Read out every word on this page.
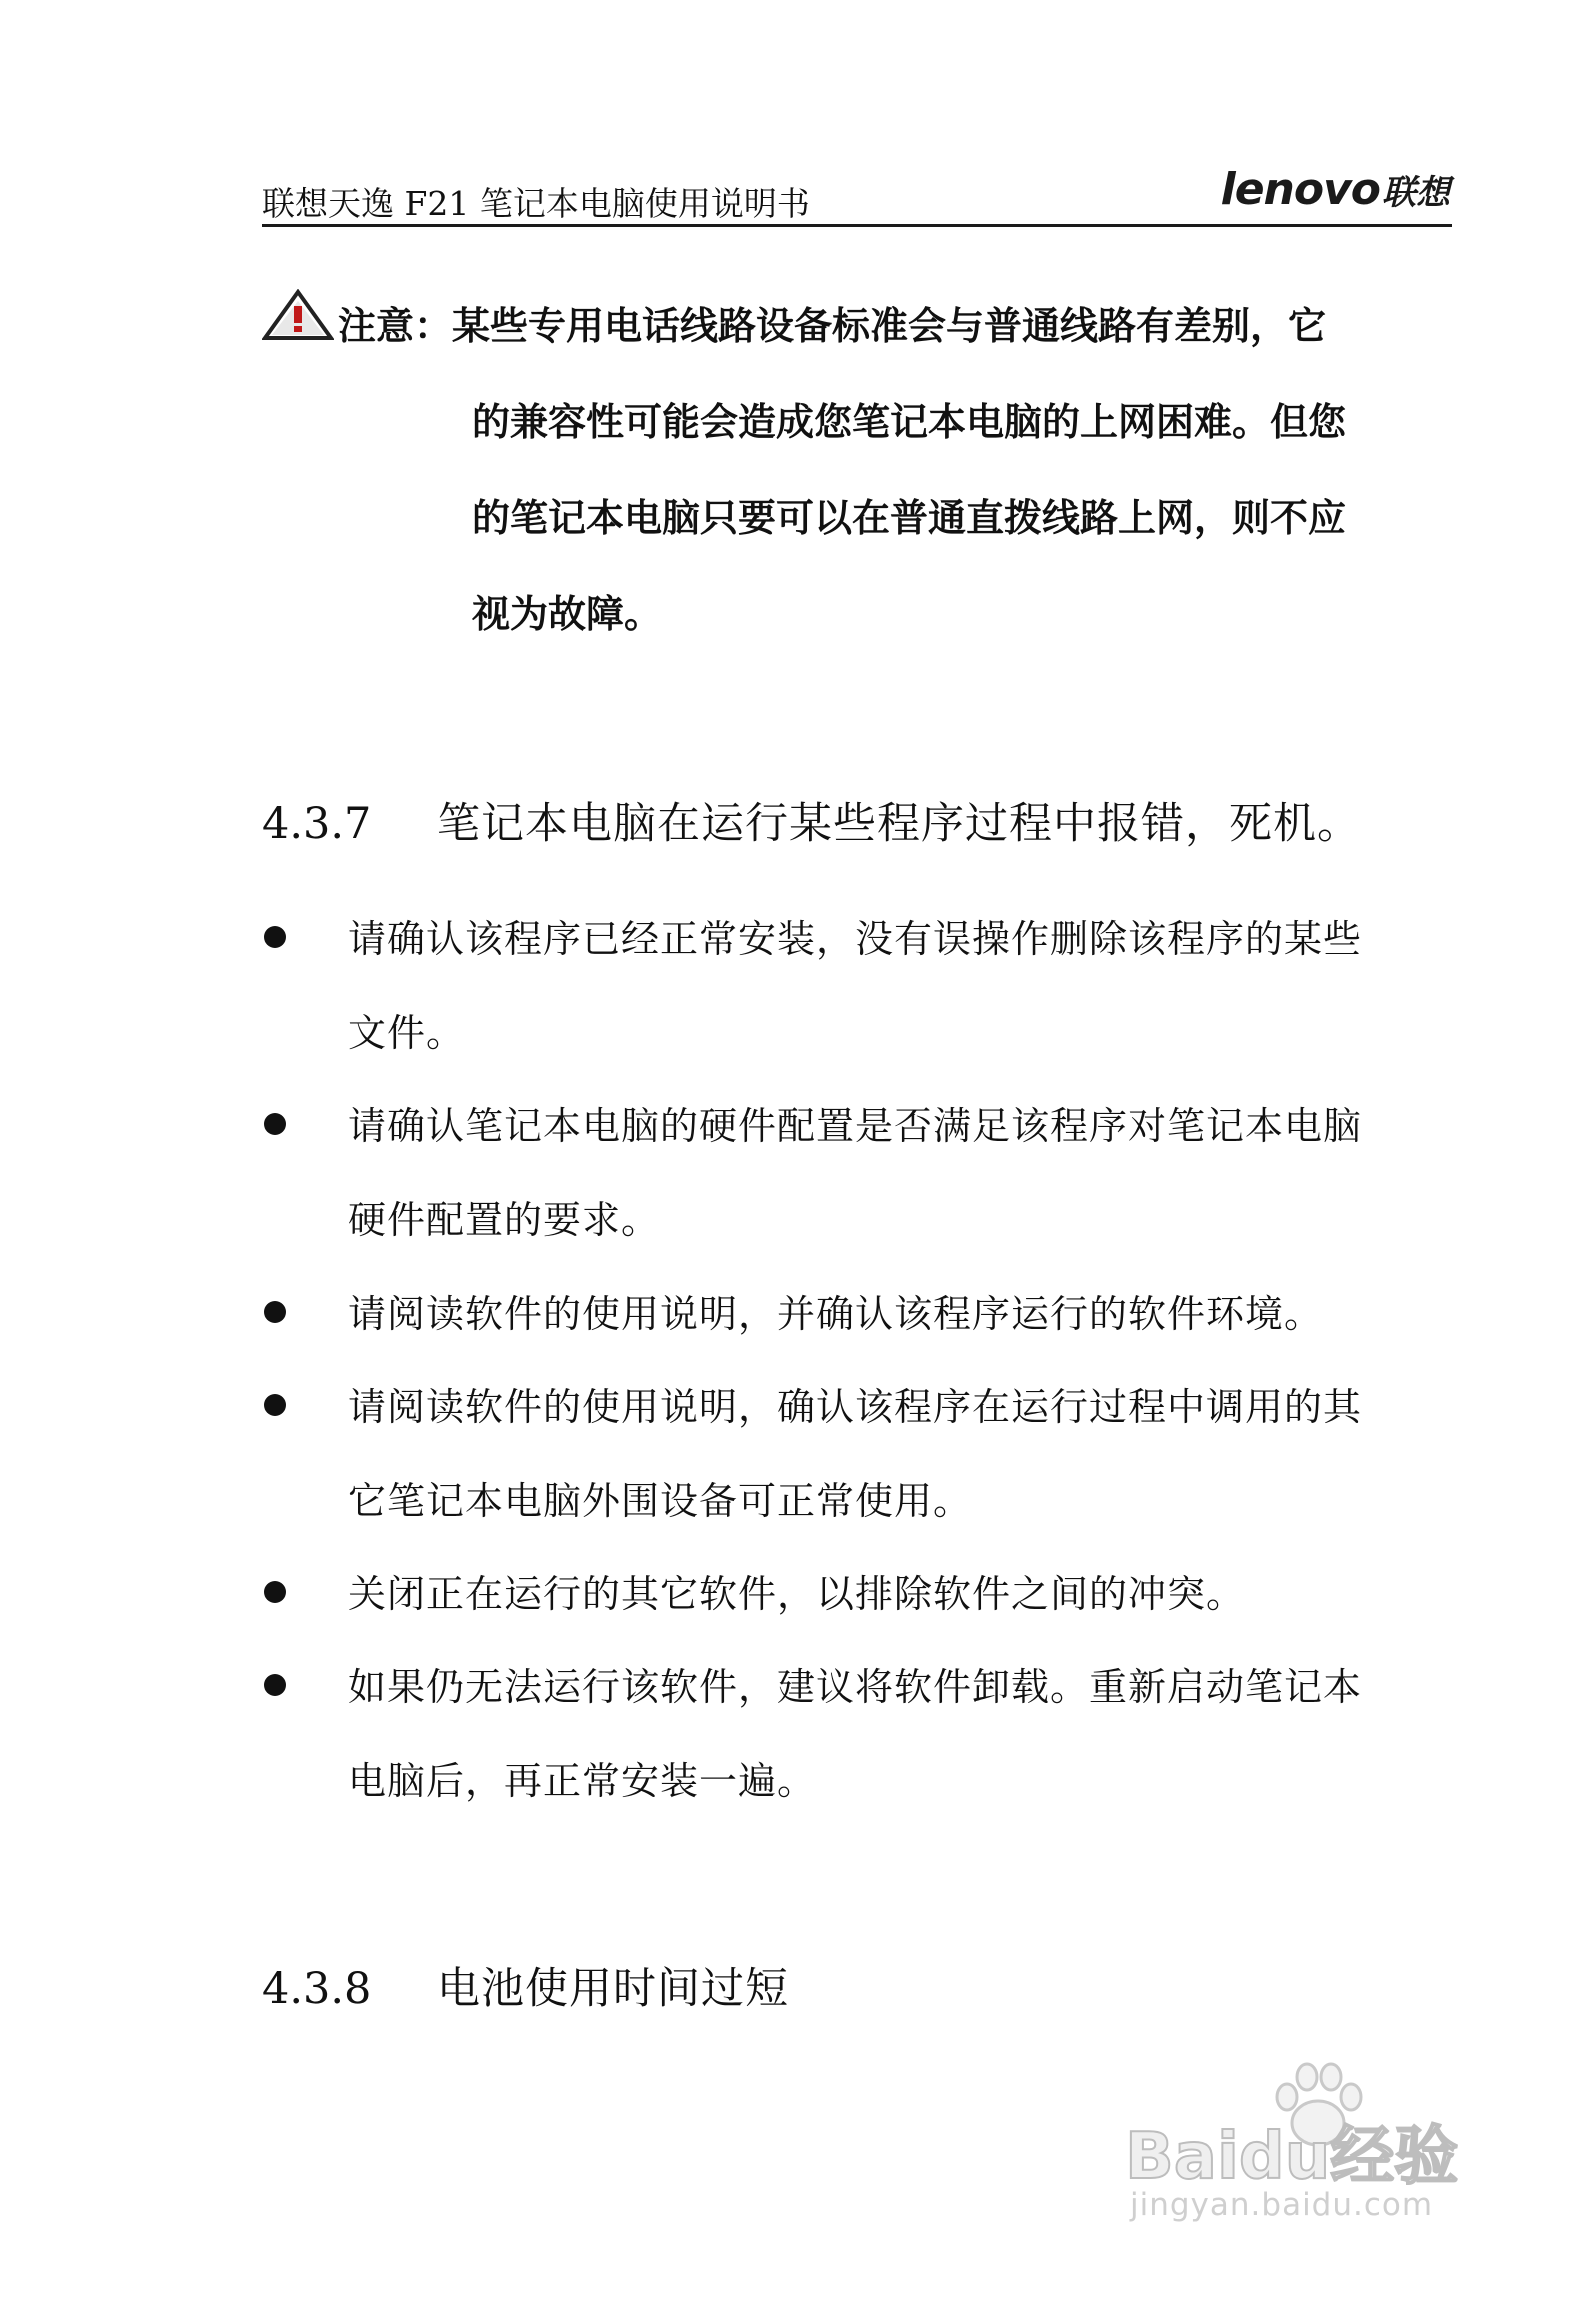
联想天逸 F21 笔记本电脑使用说明书	lenovo 联想
注意：某些专用电话线路设备标准会与普通线路有差别，它
的兼容性可能会造成您笔记本电脑的上网困难。但您
的笔记本电脑只要可以在普通直拨线路上网，则不应
视为故障。
4.3.7 笔记本电脑在运行某些程序过程中报错，死机。
请确认该程序已经正常安装，没有误操作删除该程序的某些
文件。
请确认笔记本电脑的硬件配置是否满足该程序对笔记本电脑
硬件配置的要求。
请阅读软件的使用说明，并确认该程序运行的软件环境。
请阅读软件的使用说明，确认该程序在运行过程中调用的其
它笔记本电脑外围设备可正常使用。
关闭正在运行的其它软件，以排除软件之间的冲突。
如果仍无法运行该软件，建议将软件卸载。重新启动笔记本
电脑后，再正常安装一遍。
4.3.8 电池使用时间过短
Baidu经验
jingyan.baidu.com
